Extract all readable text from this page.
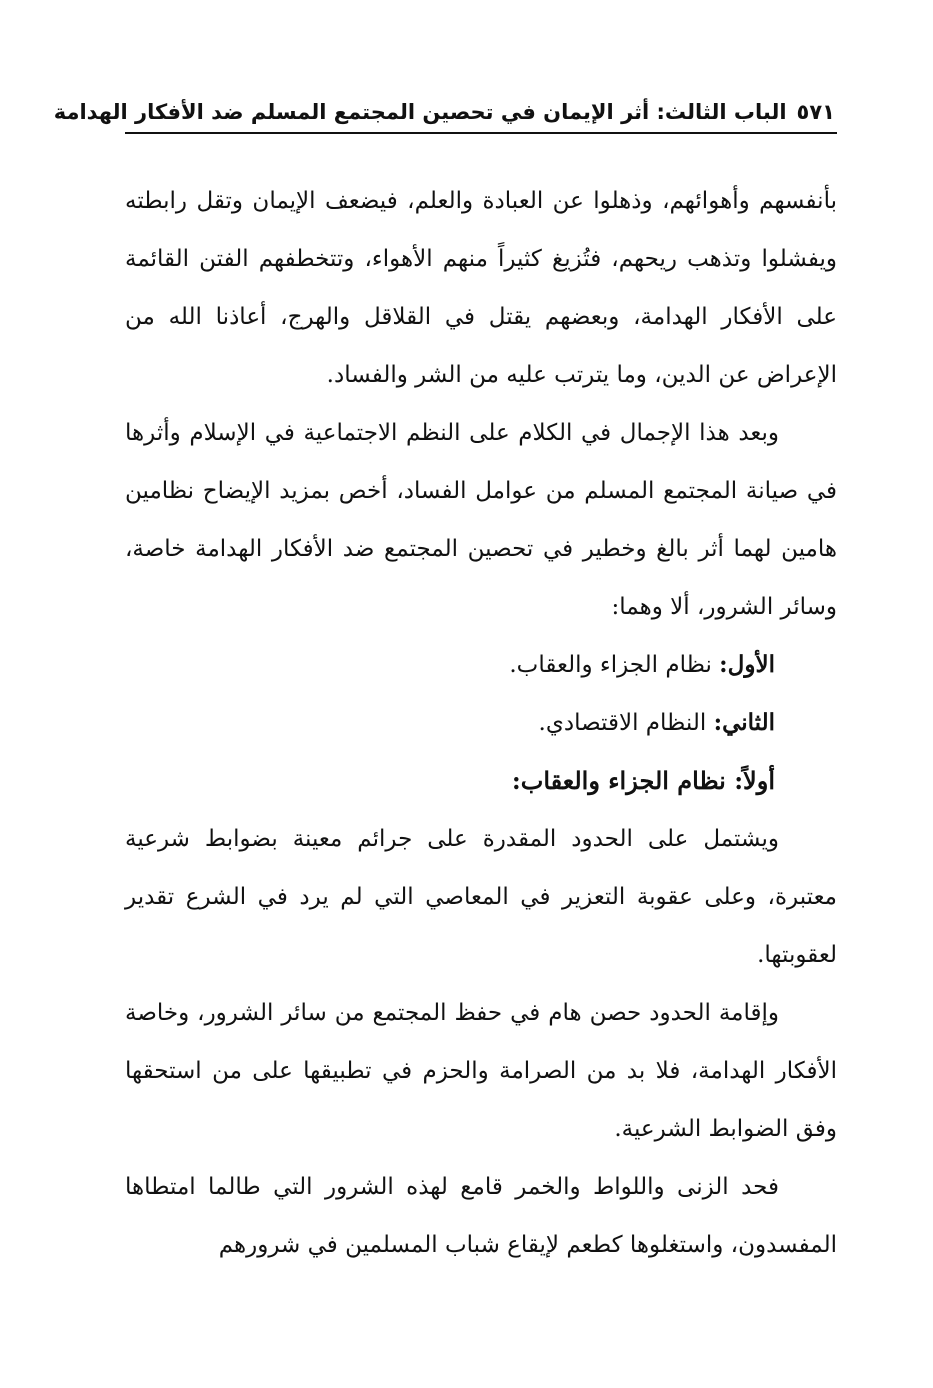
٥٧١الباب الثالث: أثر الإيمان في تحصين المجتمع المسلم ضد الأفكار الهدامة

بأنفسهم وأهوائهم، وذهلوا عن العبادة والعلم، فيضعف الإيمان وتقل رابطته ويفشلوا وتذهب ريحهم، فتُزيغ كثيراً منهم الأهواء، وتتخطفهم الفتن القائمة على الأفكار الهدامة، وبعضهم يقتل في القلاقل والهرج، أعاذنا الله من الإعراض عن الدين، وما يترتب عليه من الشر والفساد.

وبعد هذا الإجمال في الكلام على النظم الاجتماعية في الإسلام وأثرها في صيانة المجتمع المسلم من عوامل الفساد، أخص بمزيد الإيضاح نظامين هامين لهما أثر بالغ وخطير في تحصين المجتمع ضد الأفكار الهدامة خاصة، وسائر الشرور، ألا وهما:

الأول: نظام الجزاء والعقاب.

الثاني: النظام الاقتصادي.

أولاً: نظام الجزاء والعقاب:

ويشتمل على الحدود المقدرة على جرائم معينة بضوابط شرعية معتبرة، وعلى عقوبة التعزير في المعاصي التي لم يرد في الشرع تقدير لعقوبتها.

وإقامة الحدود حصن هام في حفظ المجتمع من سائر الشرور، وخاصة الأفكار الهدامة، فلا بد من الصرامة والحزم في تطبيقها على من استحقها وفق الضوابط الشرعية.

فحد الزنى واللواط والخمر قامع لهذه الشرور التي طالما امتطاها المفسدون، واستغلوها كطعم لإيقاع شباب المسلمين في شرورهم
